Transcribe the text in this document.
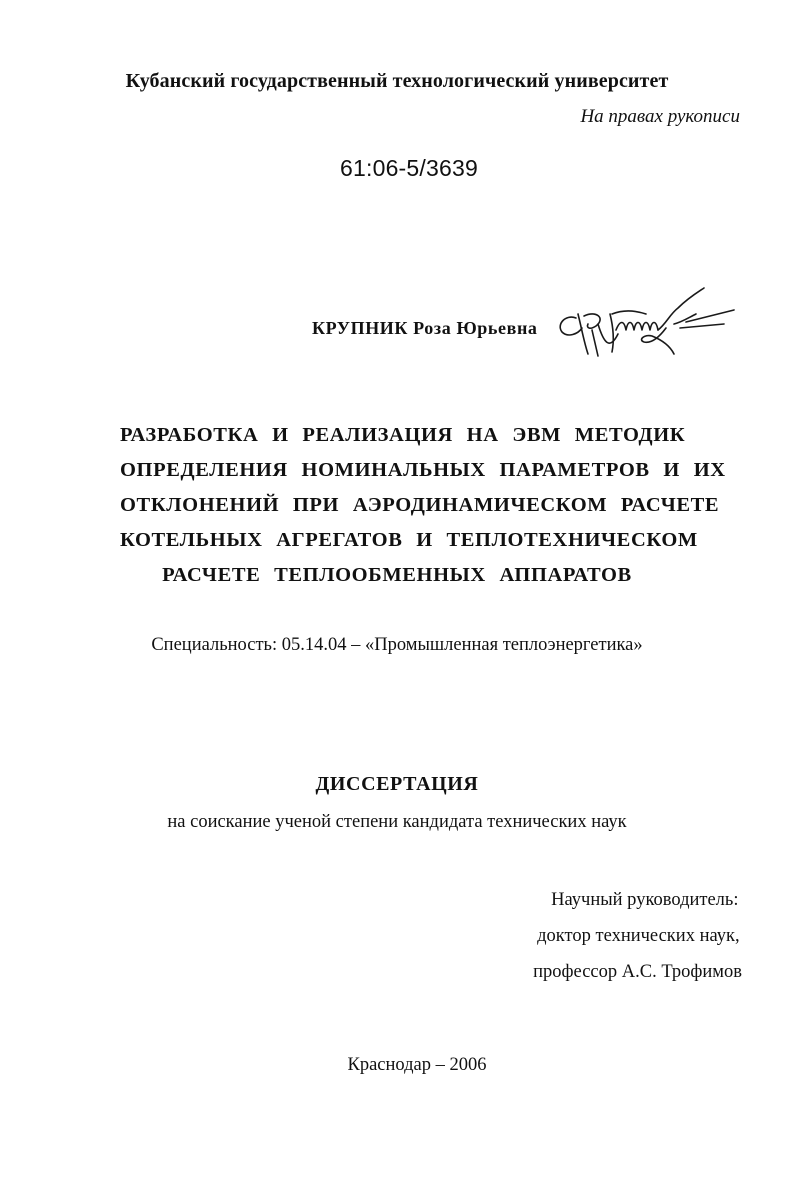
Кубанский государственный технологический университет
На правах рукописи
61:06-5/3639
КРУПНИК Роза Юрьевна
РАЗРАБОТКА И РЕАЛИЗАЦИЯ НА ЭВМ МЕТОДИК
ОПРЕДЕЛЕНИЯ НОМИНАЛЬНЫХ ПАРАМЕТРОВ И ИХ
ОТКЛОНЕНИЙ ПРИ АЭРОДИНАМИЧЕСКОМ РАСЧЕТЕ
КОТЕЛЬНЫХ АГРЕГАТОВ И ТЕПЛОТЕХНИЧЕСКОМ
РАСЧЕТЕ ТЕПЛООБМЕННЫХ АППАРАТОВ
Специальность: 05.14.04 – «Промышленная теплоэнергетика»
ДИССЕРТАЦИЯ
на соискание ученой степени кандидата технических наук
Научный руководитель:
доктор технических наук,
профессор А.С. Трофимов
Краснодар – 2006
